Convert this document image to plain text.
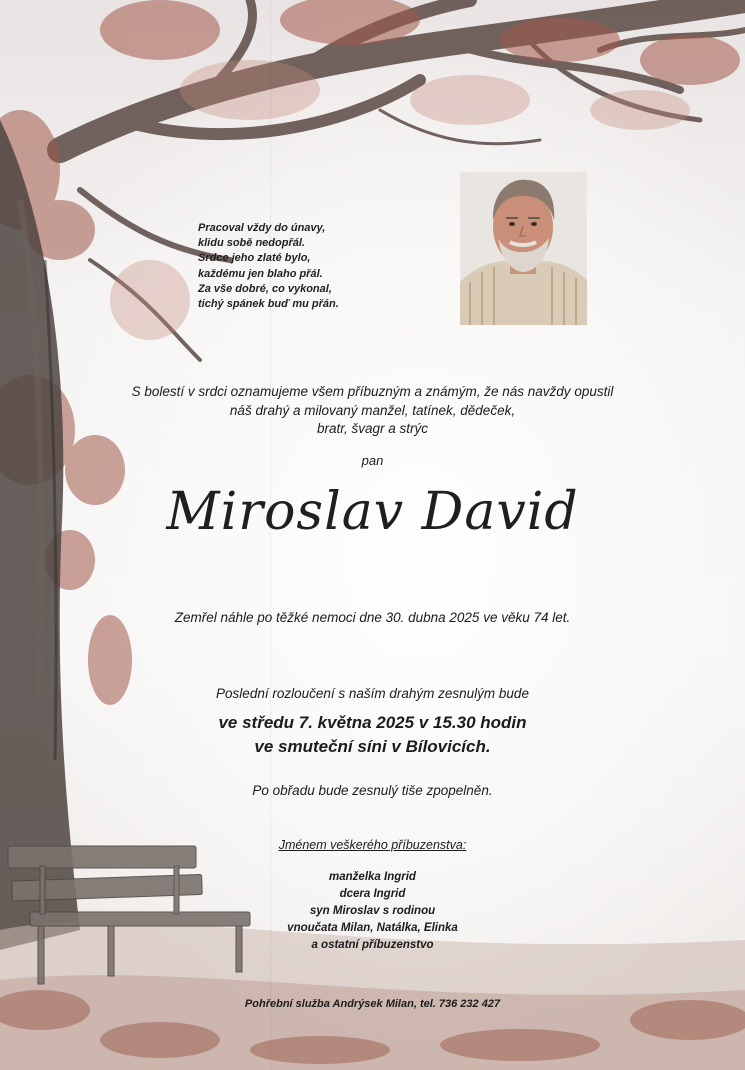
Pracoval vždy do únavy,
klidu sobě nedopřál.
Srdce jeho zlaté bylo,
každému jen blaho přál.
Za vše dobré, co vykonal,
tichý spánek buď mu přán.
S bolestí v srdci oznamujeme všem příbuzným a známým, že nás navždy opustil
náš drahý a milovaný manžel, tatínek, dědeček,
bratr, švagr a strýc
pan
Miroslav David
Zemřel náhle po těžké nemoci dne 30. dubna 2025 ve věku 74 let.
Poslední rozloučení s naším drahým zesnulým bude
ve středu 7. května 2025 v 15.30 hodin
ve smuteční síni v Bílovicích.
Po obřadu bude zesnulý tiše zpopelněn.
Jménem veškerého příbuzenstva:
manželka Ingrid
dcera Ingrid
syn Miroslav s rodinou
vnoučata Milan, Natálka, Elinka
a ostatní příbuzenstvo
Pohřební služba Andrýsek Milan, tel. 736 232 427
